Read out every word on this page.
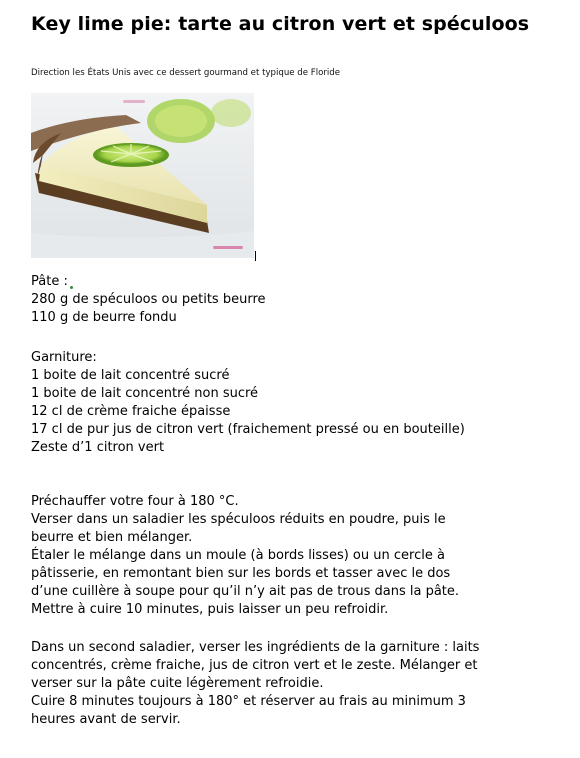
Key lime pie: tarte au citron vert et spéculoos
Direction les États Unis avec ce dessert gourmand et typique de Floride
Pâte :
280 g de spéculoos ou petits beurre
110 g de beurre fondu
Garniture:
1 boite de lait concentré sucré
1 boite de lait concentré non sucré
12 cl de crème fraiche épaisse
17 cl de pur jus de citron vert (fraichement pressé ou en bouteille)
Zeste d’1 citron vert
Préchauffer votre four à 180 °C.
Verser dans un saladier les spéculoos réduits en poudre, puis le
beurre et bien mélanger.
Étaler le mélange dans un moule (à bords lisses) ou un cercle à
pâtisserie, en remontant bien sur les bords et tasser avec le dos
d’une cuillère à soupe pour qu’il n’y ait pas de trous dans la pâte.
Mettre à cuire 10 minutes, puis laisser un peu refroidir.
Dans un second saladier, verser les ingrédients de la garniture : laits
concentrés, crème fraiche, jus de citron vert et le zeste. Mélanger et
verser sur la pâte cuite légèrement refroidie.
Cuire 8 minutes toujours à 180° et réserver au frais au minimum 3
heures avant de servir.
